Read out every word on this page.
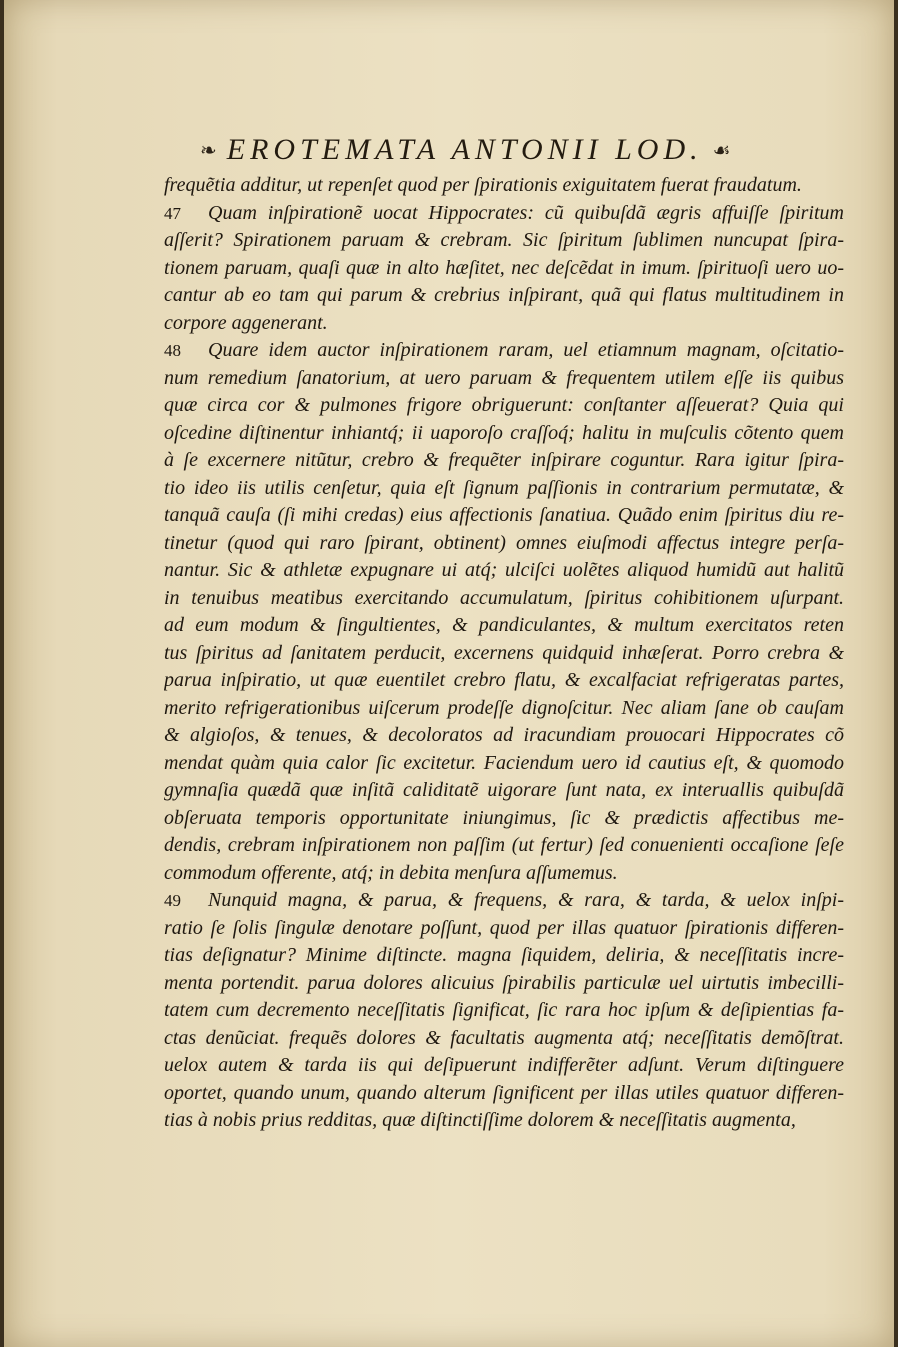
❧ EROTEMATA ANTONII LOD. ☙
frequẽtia additur, ut repenſet quod per ſpirationis exiguitatem fuerat fraudatum.
47 Quam inſpirationẽ uocat Hippocrates: cũ quibuſdã ægris affuiſſe ſpiritum
aſſerit? Spirationem paruam & crebram. Sic ſpiritum ſublimen nuncupat ſpira-
tionem paruam, quaſi quæ in alto hæſitet, nec deſcẽdat in imum. ſpirituoſi uero uo-
cantur ab eo tam qui parum & crebrius inſpirant, quã qui flatus multitudinem in
corpore aggenerant.
48 Quare idem auctor inſpirationem raram, uel etiamnum magnam, oſcitatio-
num remedium ſanatorium, at uero paruam & frequentem utilem eſſe iis quibus
quæ circa cor & pulmones frigore obriguerunt: conſtanter aſſeuerat? Quia qui
oſcedine diſtinentur inhiantq́; ii uaporoſo craſſoq́; halitu in muſculis cõtento quem
à ſe excernere nitũtur, crebro & frequẽter inſpirare coguntur. Rara igitur ſpira-
tio ideo iis utilis cenſetur, quia eſt ſignum paſſionis in contrarium permutatæ, &
tanquã cauſa (ſi mihi credas) eius affectionis ſanatiua. Quãdo enim ſpiritus diu re-
tinetur (quod qui raro ſpirant, obtinent) omnes eiuſmodi affectus integre perſa-
nantur. Sic & athletæ expugnare ui atq́; ulciſci uolẽtes aliquod humidũ aut halitũ
in tenuibus meatibus exercitando accumulatum, ſpiritus cohibitionem uſurpant.
ad eum modum & ſingultientes, & pandiculantes, & multum exercitatos reten
tus ſpiritus ad ſanitatem perducit, excernens quidquid inhæſerat. Porro crebra &
parua inſpiratio, ut quæ euentilet crebro flatu, & excalfaciat refrigeratas partes,
merito refrigerationibus uiſcerum prodeſſe dignoſcitur. Nec aliam ſane ob cauſam
& algioſos, & tenues, & decoloratos ad iracundiam prouocari Hippocrates cõ
mendat quàm quia calor ſic excitetur. Faciendum uero id cautius eſt, & quomodo
gymnaſia quædã quæ inſitã caliditatẽ uigorare ſunt nata, ex interuallis quibuſdã
obſeruata temporis opportunitate iniungimus, ſic & prædictis affectibus me-
dendis, crebram inſpirationem non paſſim (ut fertur) ſed conuenienti occaſione ſeſe
commodum offerente, atq́; in debita menſura aſſumemus.
49 Nunquid magna, & parua, & frequens, & rara, & tarda, & uelox inſpi-
ratio ſe ſolis ſingulæ denotare poſſunt, quod per illas quatuor ſpirationis differen-
tias deſignatur? Minime diſtincte. magna ſiquidem, deliria, & neceſſitatis incre-
menta portendit. parua dolores alicuius ſpirabilis particulæ uel uirtutis imbecilli-
tatem cum decremento neceſſitatis ſignificat, ſic rara hoc ipſum & deſipientias fa-
ctas denũciat. frequẽs dolores & facultatis augmenta atq́; neceſſitatis demõſtrat.
uelox autem & tarda iis qui deſipuerunt indifferẽter adſunt. Verum diſtinguere
oportet, quando unum, quando alterum ſignificent per illas utiles quatuor differen-
tias à nobis prius redditas, quæ diſtinctiſſime dolorem & neceſſitatis augmenta,
